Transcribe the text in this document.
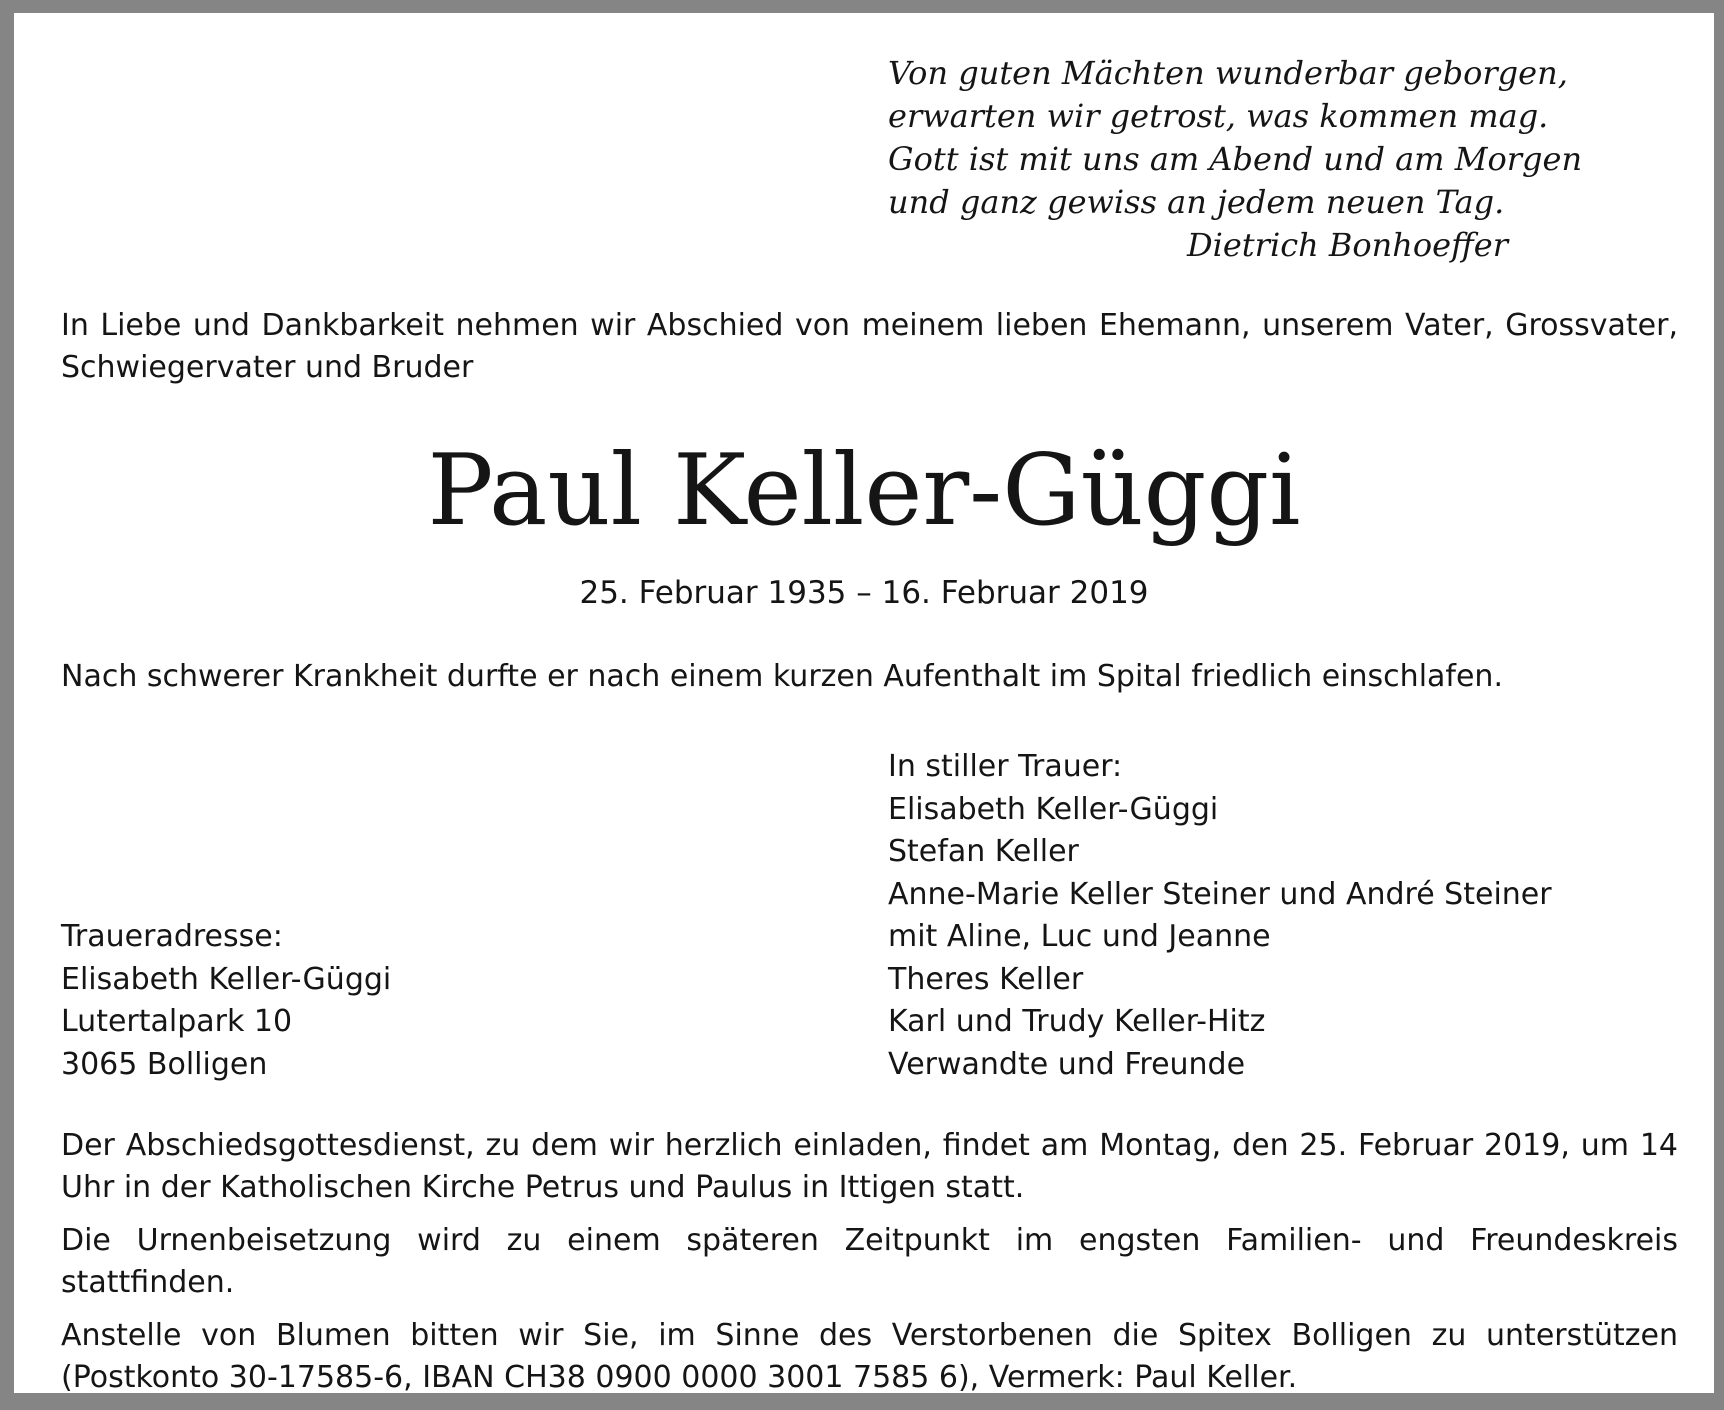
Von guten Mächten wunderbar geborgen,
erwarten wir getrost, was kommen mag.
Gott ist mit uns am Abend und am Morgen
und ganz gewiss an jedem neuen Tag.
Dietrich Bonhoeffer
In Liebe und Dankbarkeit nehmen wir Abschied von meinem lieben Ehemann, unserem Vater, Grossvater, Schwiegervater und Bruder
Paul Keller-Güggi
25. Februar 1935 – 16. Februar 2019
Nach schwerer Krankheit durfte er nach einem kurzen Aufenthalt im Spital friedlich einschlafen.
In stiller Trauer:
Elisabeth Keller-Güggi
Stefan Keller
Anne-Marie Keller Steiner und André Steiner
mit Aline, Luc und Jeanne
Theres Keller
Karl und Trudy Keller-Hitz
Verwandte und Freunde
Traueradresse:
Elisabeth Keller-Güggi
Lutertalpark 10
3065 Bolligen

Der Abschiedsgottesdienst, zu dem wir herzlich einladen, findet am Montag, den 25. Februar 2019, um 14 Uhr in der Katholischen Kirche Petrus und Paulus in Ittigen statt.

Die Urnenbeisetzung wird zu einem späteren Zeitpunkt im engsten Familien- und Freundeskreis stattfinden.

Anstelle von Blumen bitten wir Sie, im Sinne des Verstorbenen die Spitex Bolligen zu unterstützen (Postkonto 30-17585-6, IBAN CH38 0900 0000 3001 7585 6), Vermerk: Paul Keller.
